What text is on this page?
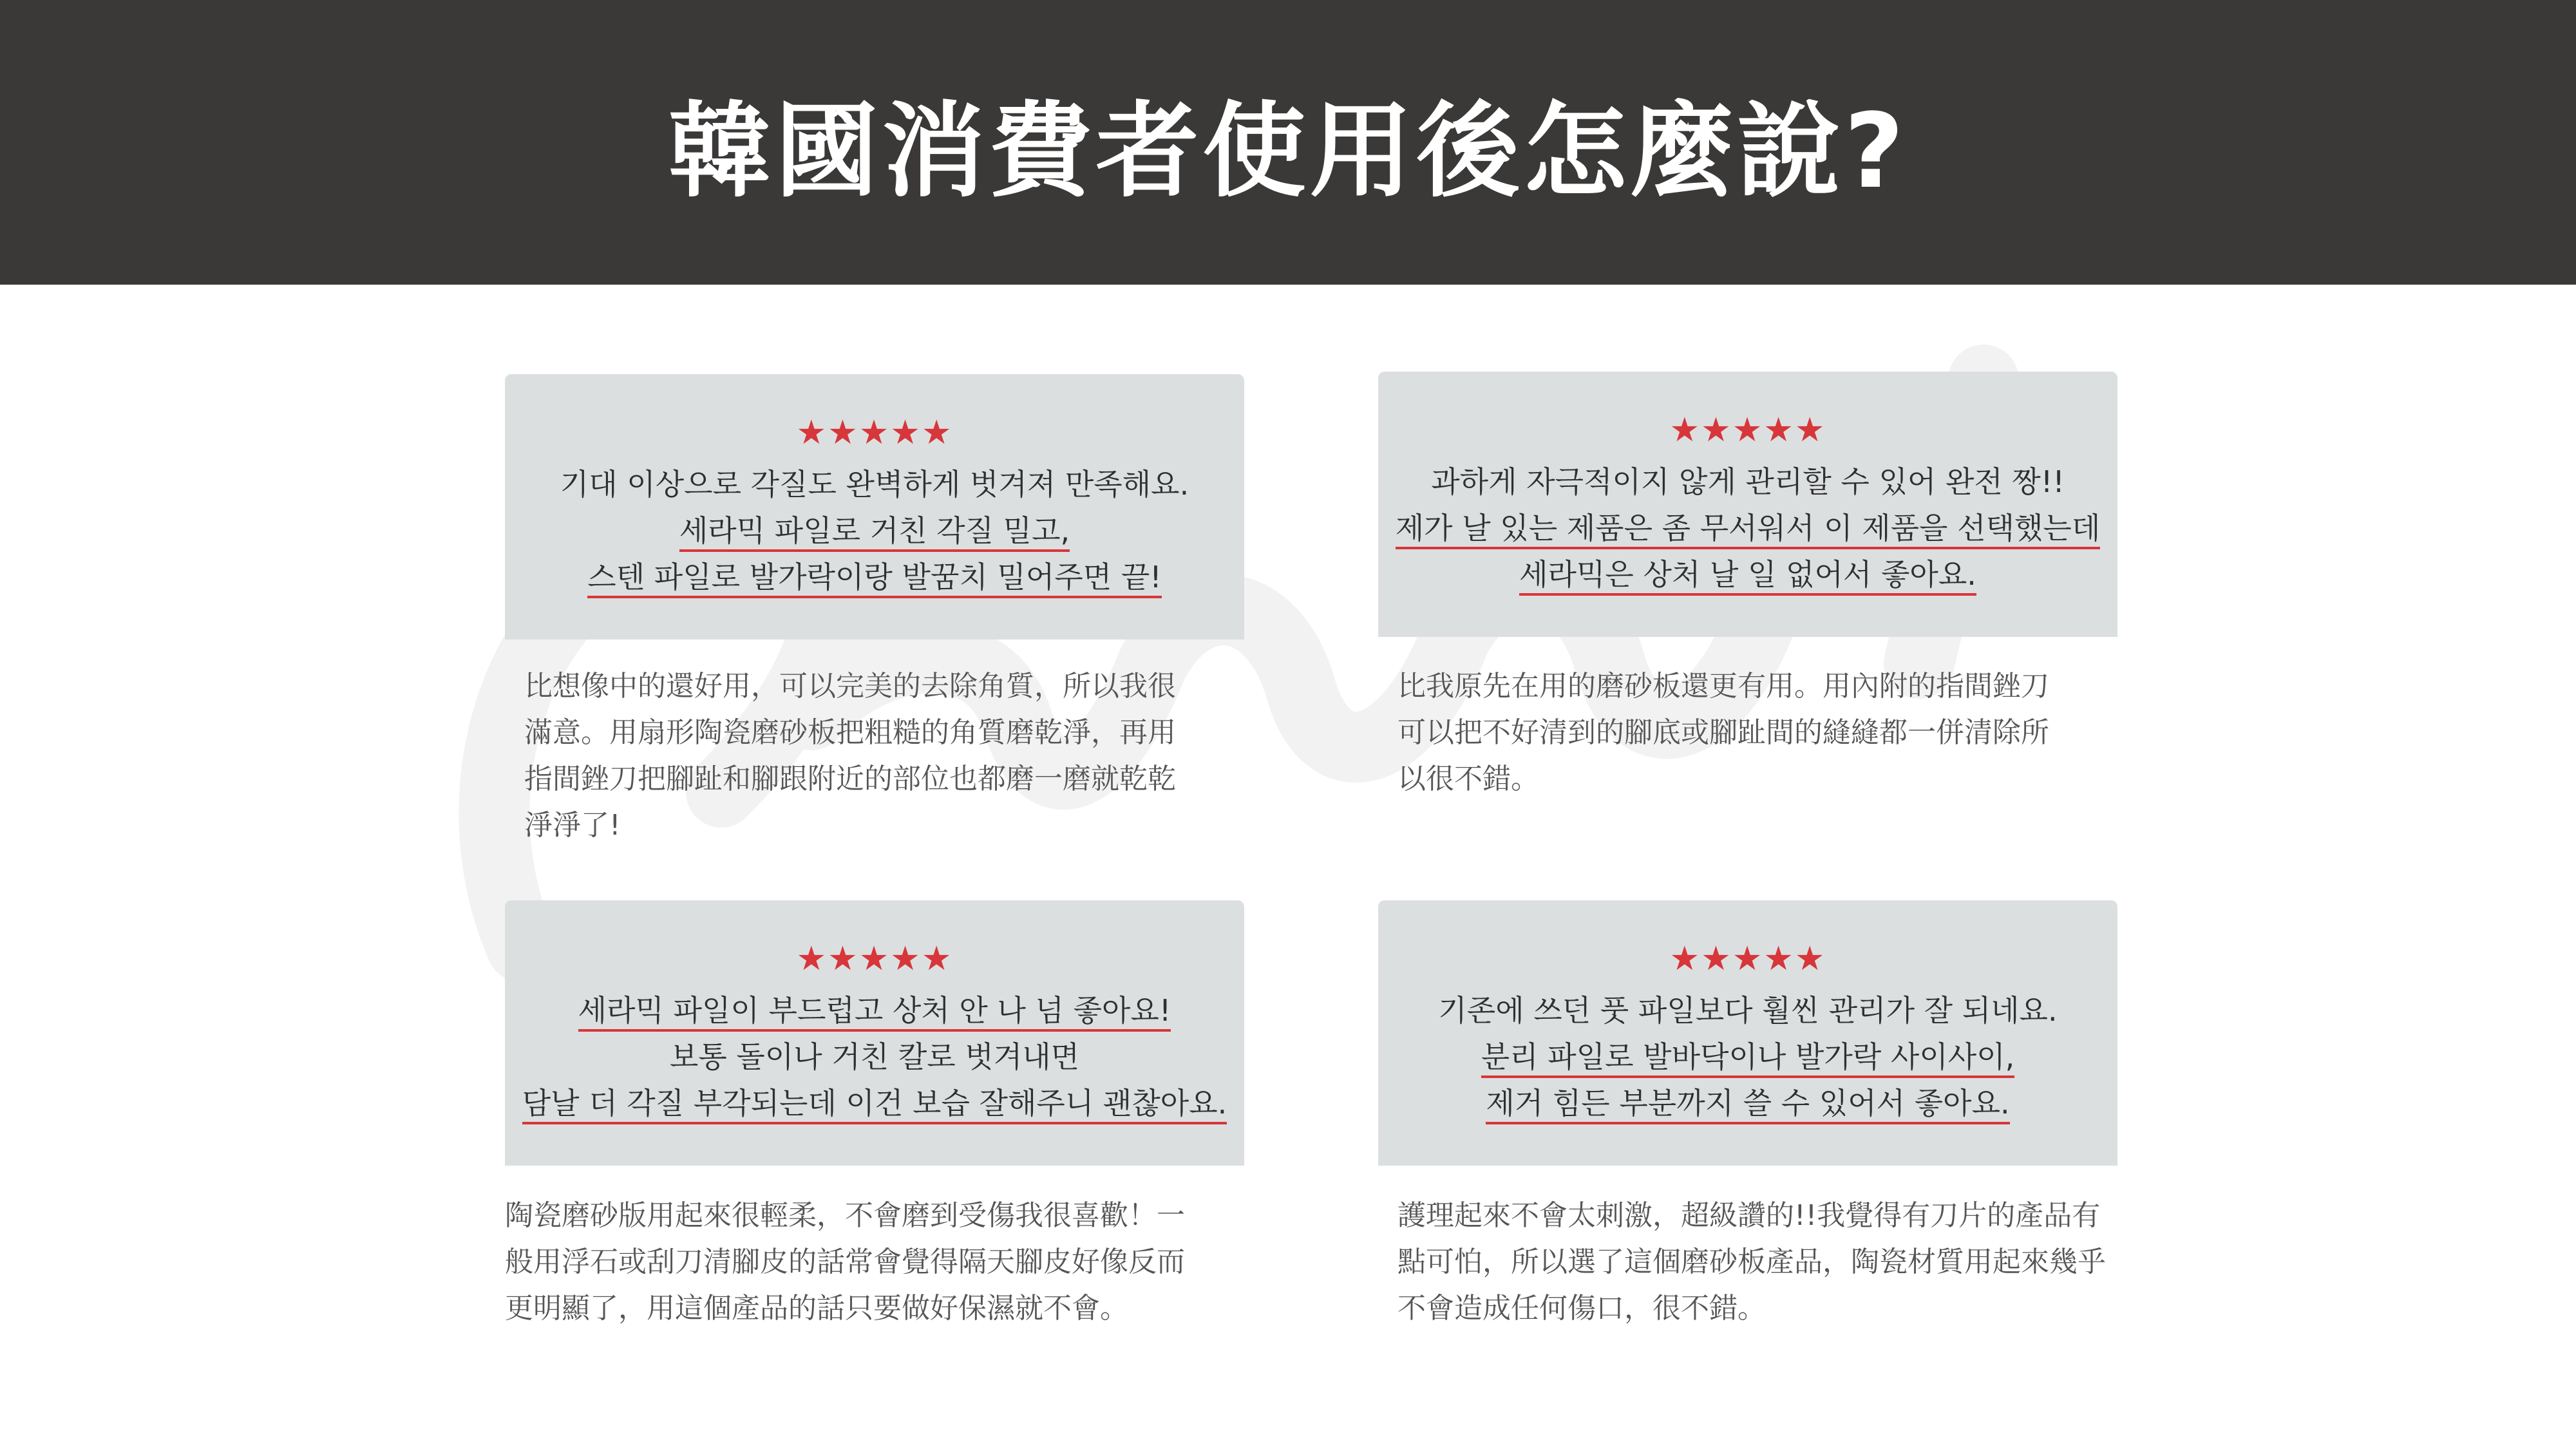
韓國消費者使用後怎麼說?
★★★★★
기대 이상으로 각질도 완벽하게 벗겨져 만족해요.
세라믹 파일로 거친 각질 밀고,
스텐 파일로 발가락이랑 발꿈치 밀어주면 끝!
比想像中的還好用，可以完美的去除角質，所以我很
滿意。用扇形陶瓷磨砂板把粗糙的角質磨乾淨，再用
指間銼刀把腳趾和腳跟附近的部位也都磨一磨就乾乾
淨淨了!
★★★★★
과하게 자극적이지 않게 관리할 수 있어 완전 짱!!
제가 날 있는 제품은 좀 무서워서 이 제품을 선택했는데
세라믹은 상처 날 일 없어서 좋아요.
比我原先在用的磨砂板還更有用。用內附的指間銼刀
可以把不好清到的腳底或腳趾間的縫縫都一併清除所
以很不錯。
★★★★★
세라믹 파일이 부드럽고 상처 안 나 넘 좋아요!
보통 돌이나 거친 칼로 벗겨내면
담날 더 각질 부각되는데 이건 보습 잘해주니 괜찮아요.
陶瓷磨砂版用起來很輕柔，不會磨到受傷我很喜歡！一
般用浮石或刮刀清腳皮的話常會覺得隔天腳皮好像反而
更明顯了，用這個產品的話只要做好保濕就不會。
★★★★★
기존에 쓰던 풋 파일보다 훨씬 관리가 잘 되네요.
분리 파일로 발바닥이나 발가락 사이사이,
제거 힘든 부분까지 쓸 수 있어서 좋아요.
護理起來不會太刺激，超級讚的!!我覺得有刀片的產品有
點可怕，所以選了這個磨砂板產品，陶瓷材質用起來幾乎
不會造成任何傷口，很不錯。
